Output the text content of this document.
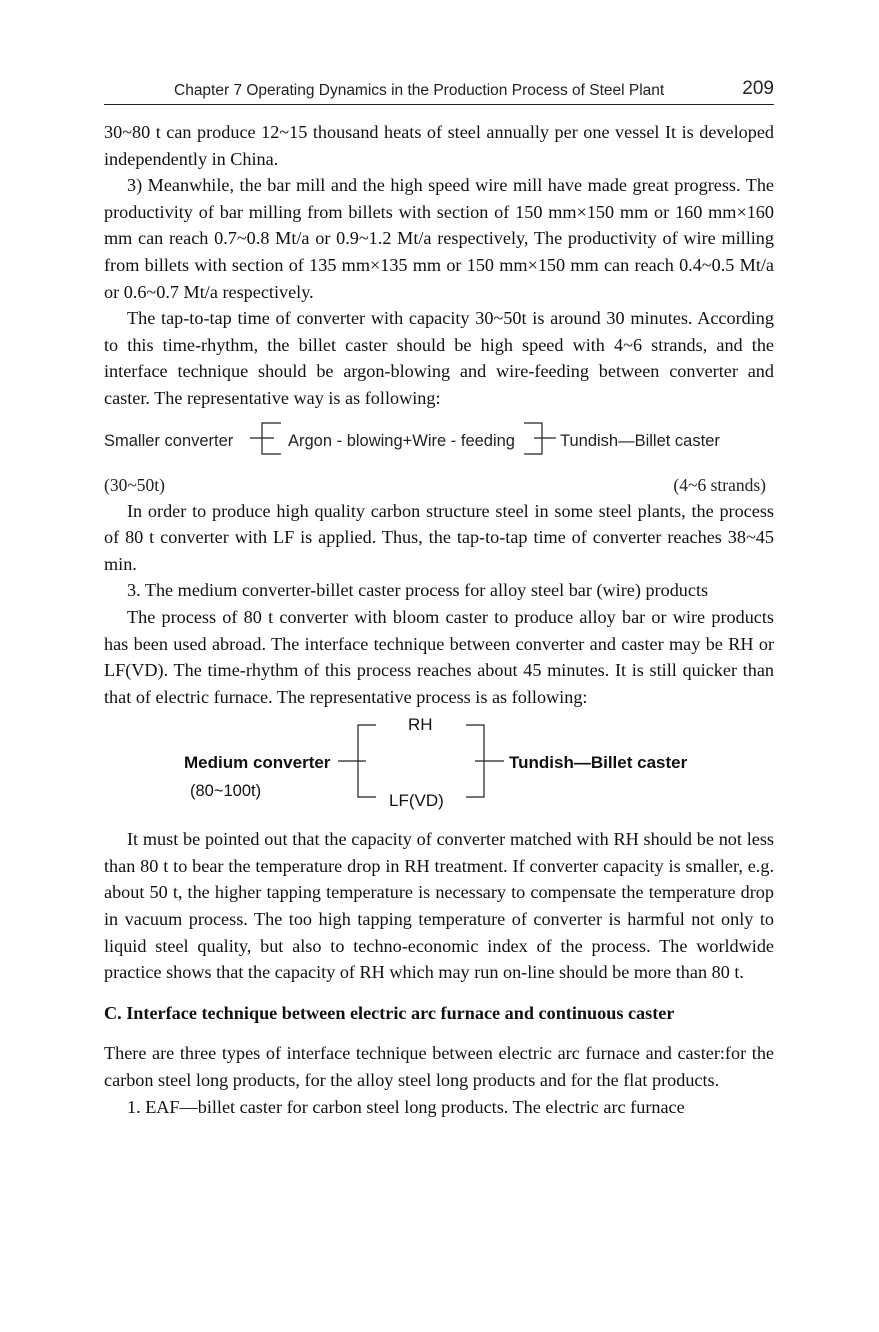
Chapter 7 Operating Dynamics in the Production Process of Steel Plant	209

30~80 t can produce 12~15 thousand heats of steel annually per one vessel It is developed independently in China.

3) Meanwhile, the bar mill and the high speed wire mill have made great progress. The productivity of bar milling from billets with section of 150 mm×150 mm or 160 mm×160 mm can reach 0.7~0.8 Mt/a or 0.9~1.2 Mt/a respectively, The productivity of wire milling from billets with section of 135 mm×135 mm or 150 mm×150 mm can reach 0.4~0.5 Mt/a or 0.6~0.7 Mt/a respectively.

The tap-to-tap time of converter with capacity 30~50t is around 30 minutes. According to this time-rhythm, the billet caster should be high speed with 4~6 strands, and the interface technique should be argon-blowing and wire-feeding between converter and caster. The representative way is as following:

Smaller converter	Argon - blowing+Wire - feeding	Tundish—Billet caster
(30~50t)	(4~6 strands)

In order to produce high quality carbon structure steel in some steel plants, the process of 80 t converter with LF is applied. Thus, the tap-to-tap time of converter reaches 38~45 min.

3. The medium converter-billet caster process for alloy steel bar (wire) products

The process of 80 t converter with bloom caster to produce alloy bar or wire products has been used abroad. The interface technique between converter and caster may be RH or LF(VD). The time-rhythm of this process reaches about 45 minutes. It is still quicker than that of electric furnace. The representative process is as following:

Medium converter
(80~100t)
RH
LF(VD)
Tundish—Billet caster

It must be pointed out that the capacity of converter matched with RH should be not less than 80 t to bear the temperature drop in RH treatment. If converter capacity is smaller, e.g. about 50 t, the higher tapping temperature is necessary to compensate the temperature drop in vacuum process. The too high tapping temperature of converter is harmful not only to liquid steel quality, but also to techno-economic index of the process. The worldwide practice shows that the capacity of RH which may run on-line should be more than 80 t.

C. Interface technique between electric arc furnace and continuous caster

There are three types of interface technique between electric arc furnace and caster:for the carbon steel long products, for the alloy steel long products and for the flat products.

1. EAF—billet caster for carbon steel long products. The electric arc furnace
